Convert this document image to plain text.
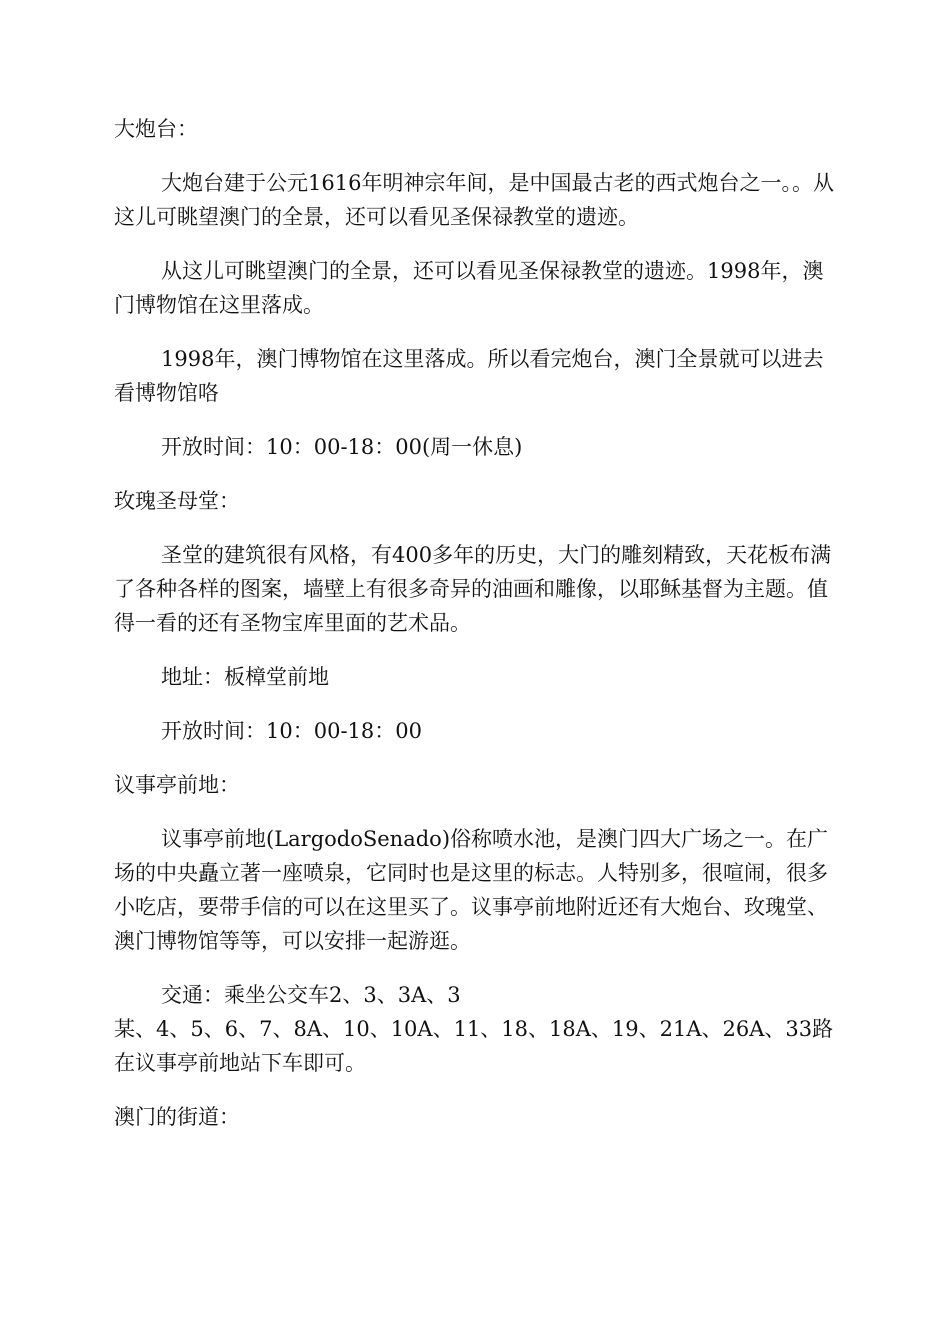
大炮台：

大炮台建于公元1616年明神宗年间，是中国最古老的西式炮台之一。。从这儿可眺望澳门的全景，还可以看见圣保禄教堂的遗迹。

从这儿可眺望澳门的全景，还可以看见圣保禄教堂的遗迹。1998年，澳门博物馆在这里落成。

1998年，澳门博物馆在这里落成。所以看完炮台，澳门全景就可以进去看博物馆咯

开放时间：10：00-18：00(周一休息)

玫瑰圣母堂：

圣堂的建筑很有风格，有400多年的历史，大门的雕刻精致，天花板布满了各种各样的图案，墙壁上有很多奇异的油画和雕像，以耶稣基督为主题。值得一看的还有圣物宝库里面的艺术品。

地址：板樟堂前地

开放时间：10：00-18：00

议事亭前地：

议事亭前地(LargodoSenado)俗称喷水池，是澳门四大广场之一。在广场的中央矗立著一座喷泉，它同时也是这里的标志。人特别多，很喧闹，很多小吃店，要带手信的可以在这里买了。议事亭前地附近还有大炮台、玫瑰堂、澳门博物馆等等，可以安排一起游逛。

交通：乘坐公交车2、3、3A、3

某、4、5、6、7、8A、10、10A、11、18、18A、19、21A、26A、33路在议事亭前地站下车即可。

澳门的街道：
